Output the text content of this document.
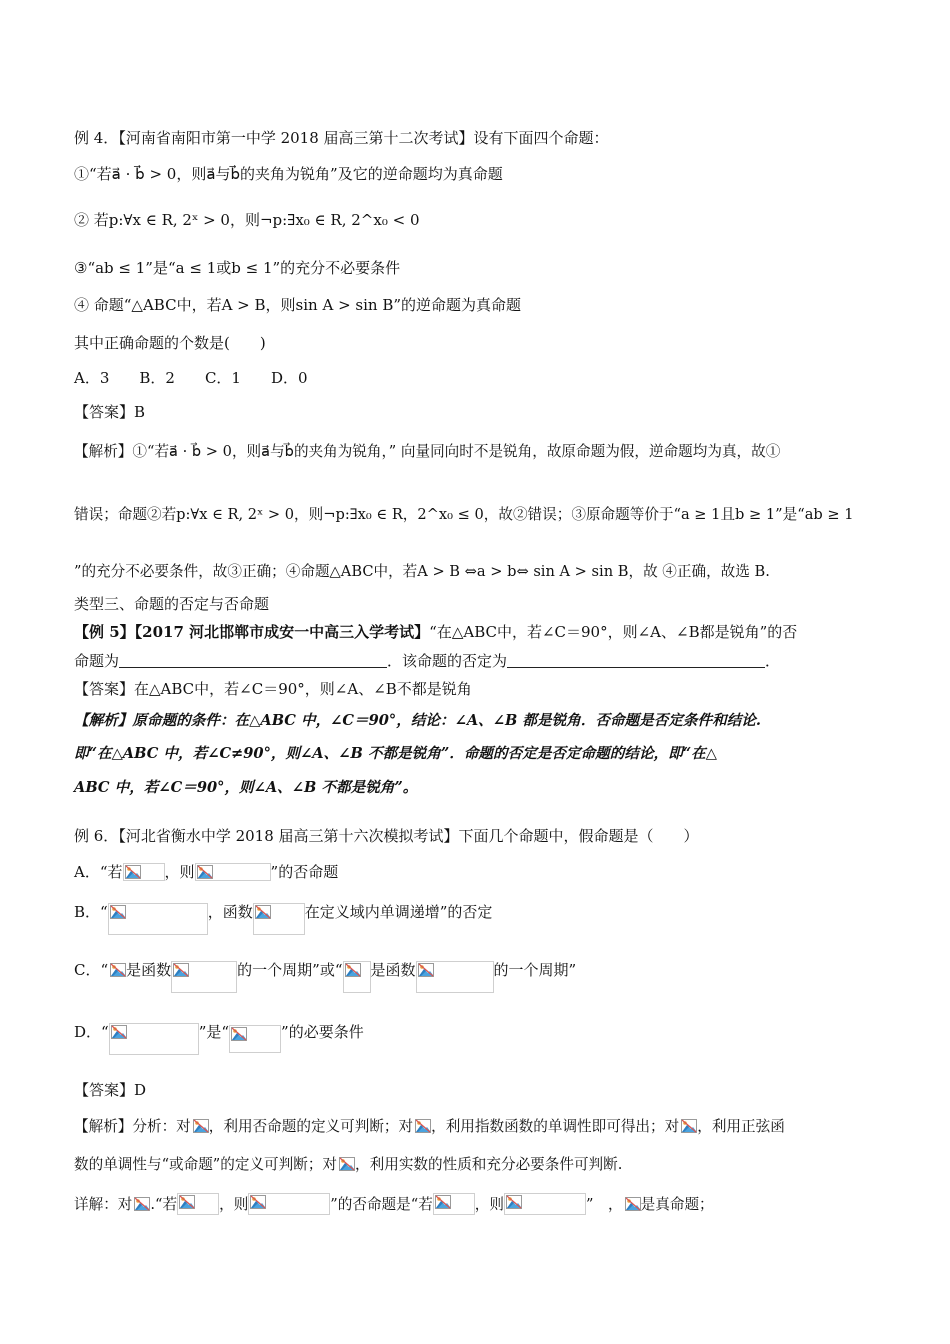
例 4．【河南省南阳市第一中学 2018 届高三第十二次考试】设有下面四个命题：
①“若a⃗ · b⃗ > 0，则a⃗与b⃗的夹角为锐角”及它的逆命题均为真命题
② 若p:∀x ∈ R, 2ˣ > 0，则¬p:∃x₀ ∈ R, 2^x₀ < 0
③“ab ≤ 1”是“a ≤ 1或b ≤ 1”的充分不必要条件
④ 命题“△ABC中，若A > B，则sin A > sin B”的逆命题为真命题
其中正确命题的个数是(　　)
A．3　　B．2　　C．1　　D．0
【答案】B
【解析】①“若a⃗ · b⃗ > 0，则a⃗与b⃗的夹角为锐角，” 向量同向时不是锐角，故原命题为假，逆命题均为真，故①
错误；命题②若p:∀x ∈ R, 2ˣ > 0，则¬p:∃x₀ ∈ R，2^x₀ ≤ 0，故②错误；③原命题等价于“a ≥ 1且b ≥ 1”是“ab ≥ 1
”的充分不必要条件，故③正确；④命题△ABC中，若A > B ⇔a > b⇔ sin A > sin B，故 ④正确，故选 B.
类型三、命题的否定与否命题
【例 5】【2017 河北邯郸市成安一中高三入学考试】“在△ABC中，若∠C＝90°，则∠A、∠B都是锐角”的否
命题为	．该命题的否定为	．
【答案】在△ABC中，若∠C＝90°，则∠A、∠B不都是锐角
【解析】原命题的条件：在△ABC 中，∠C＝90°，结论：∠A、∠B 都是锐角．否命题是否定条件和结论.
即“在△ABC 中，若∠C≠90°，则∠A、∠B 不都是锐角”．命题的否定是否定命题的结论，即“在△
ABC 中，若∠C＝90°，则∠A、∠B 不都是锐角”。
例 6．【河北省衡水中学 2018 届高三第十六次模拟考试】下面几个命题中，假命题是（　　）
A．“若	，则	”的否命题
B．“	，函数	在定义域内单调递增”的否定
C．“ 是函数	的一个周期”或“ 是函数	的一个周期”
D．“	”是“	”的必要条件
【答案】D
【解析】分析：对 ，利用否命题的定义可判断；对 ，利用指数函数的单调性即可得出；对 ，利用正弦函
数的单调性与“或命题”的定义可判断；对 ，利用实数的性质和充分必要条件可判断.
详解：对 .“若	，则	”的否命题是“若	，则	”　， 是真命题；
